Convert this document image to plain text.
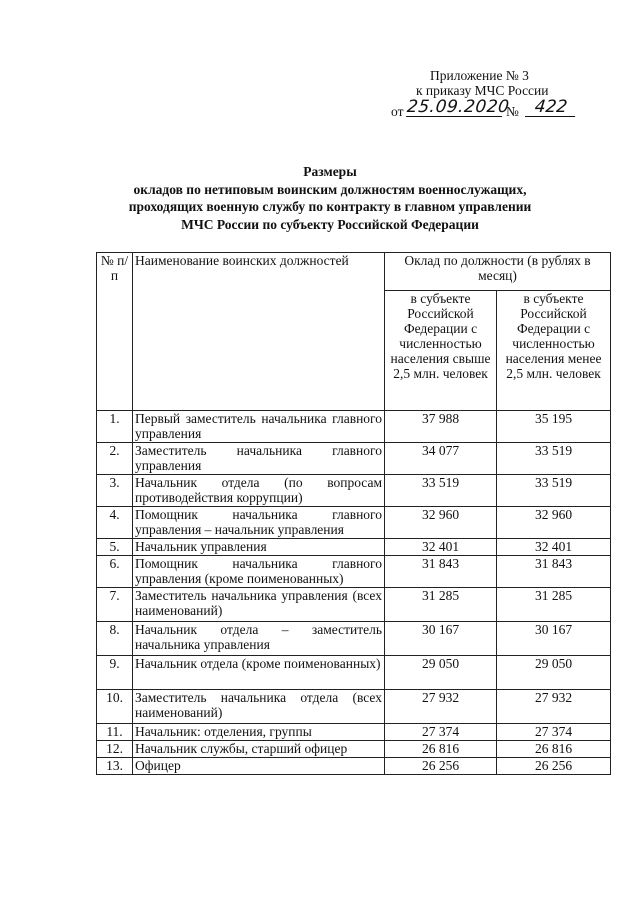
Приложение № 3
к приказу МЧС России
от 25.09.2020
№ 422
Размеры
окладов по нетиповым воинским должностям военнослужащих,
проходящих военную службу по контракту в главном управлении
МЧС России по субъекту Российской Федерации
№ п/п	Наименование воинских должностей	Оклад по должности (в рублях в месяц)	
		в субъекте Российской Федерации с численностью населения свыше 2,5 млн. человек	в субъекте Российской Федерации с численностью населения менее 2,5 млн. человек
1.	Первый заместитель начальника главного управления	37 988	35 195
2.	Заместитель начальника главного управления	34 077	33 519
3.	Начальник отдела (по вопросам противодействия коррупции)	33 519	33 519
4.	Помощник начальника главного управления – начальник управления	32 960	32 960
5.	Начальник управления	32 401	32 401
6.	Помощник начальника главного управления (кроме поименованных)	31 843	31 843
7.	Заместитель начальника управления (всех наименований)	31 285	31 285
8.	Начальник отдела – заместитель начальника управления	30 167	30 167
9.	Начальник отдела (кроме поименованных)	29 050	29 050
10.	Заместитель начальника отдела (всех наименований)	27 932	27 932
11.	Начальник: отделения, группы	27 374	27 374
12.	Начальник службы, старший офицер	26 816	26 816
13.	Офицер	26 256	26 256
